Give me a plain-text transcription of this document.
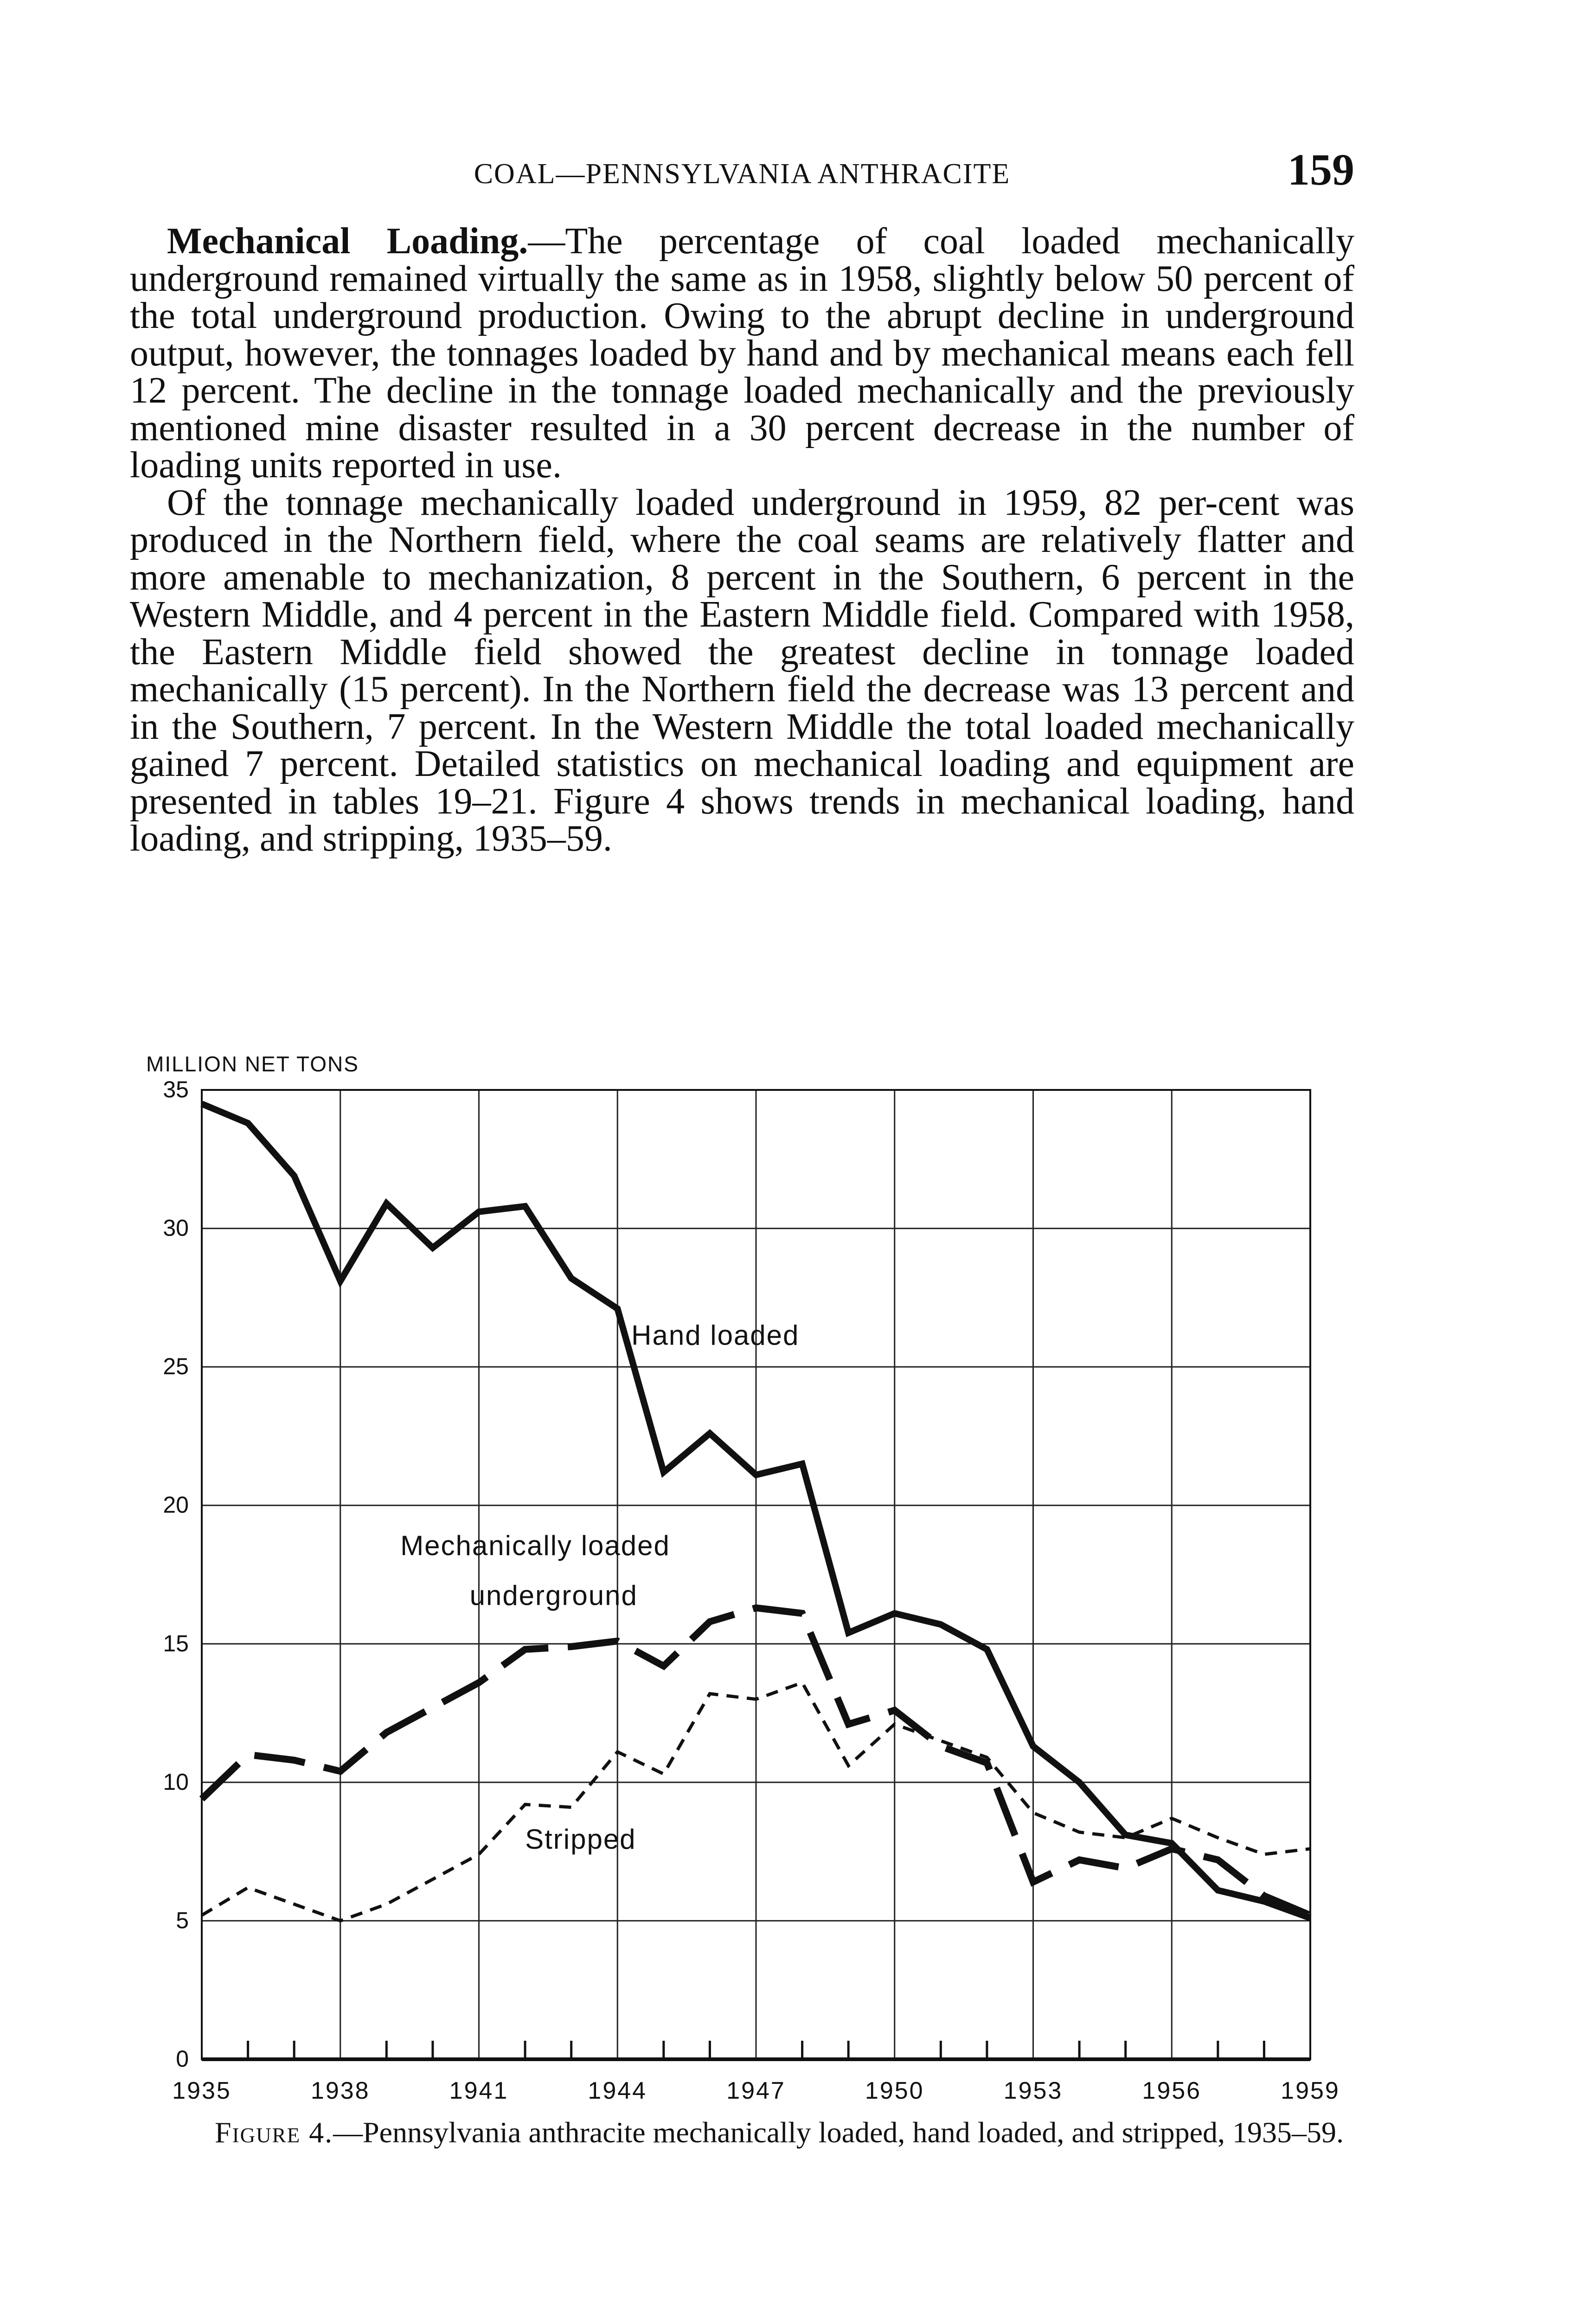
COAL—PENNSYLVANIA ANTHRACITE	159

Mechanical Loading.—The percentage of coal loaded mechanically underground remained virtually the same as in 1958, slightly below 50 percent of the total underground production. Owing to the abrupt decline in underground output, however, the tonnages loaded by hand and by mechanical means each fell 12 percent. The decline in the tonnage loaded mechanically and the previously mentioned mine disaster resulted in a 30 percent decrease in the number of loading units reported in use.

Of the tonnage mechanically loaded underground in 1959, 82 per-cent was produced in the Northern field, where the coal seams are relatively flatter and more amenable to mechanization, 8 percent in the Southern, 6 percent in the Western Middle, and 4 percent in the Eastern Middle field. Compared with 1958, the Eastern Middle field showed the greatest decline in tonnage loaded mechanically (15 percent). In the Northern field the decrease was 13 percent and in the Southern, 7 percent. In the Western Middle the total loaded mechanically gained 7 percent. Detailed statistics on mechanical loading and equipment are presented in tables 19–21. Figure 4 shows trends in mechanical loading, hand loading, and stripping, 1935–59.

MILLION NET TONS
0
5
10
15
20
25
30
35
1935	1938	1941	1944	1947	1950	1953	1956	1959
Hand loaded
Mechanically loaded
underground
Stripped
Figure 4.—Pennsylvania anthracite mechanically loaded, hand loaded, and stripped, 1935–59.
